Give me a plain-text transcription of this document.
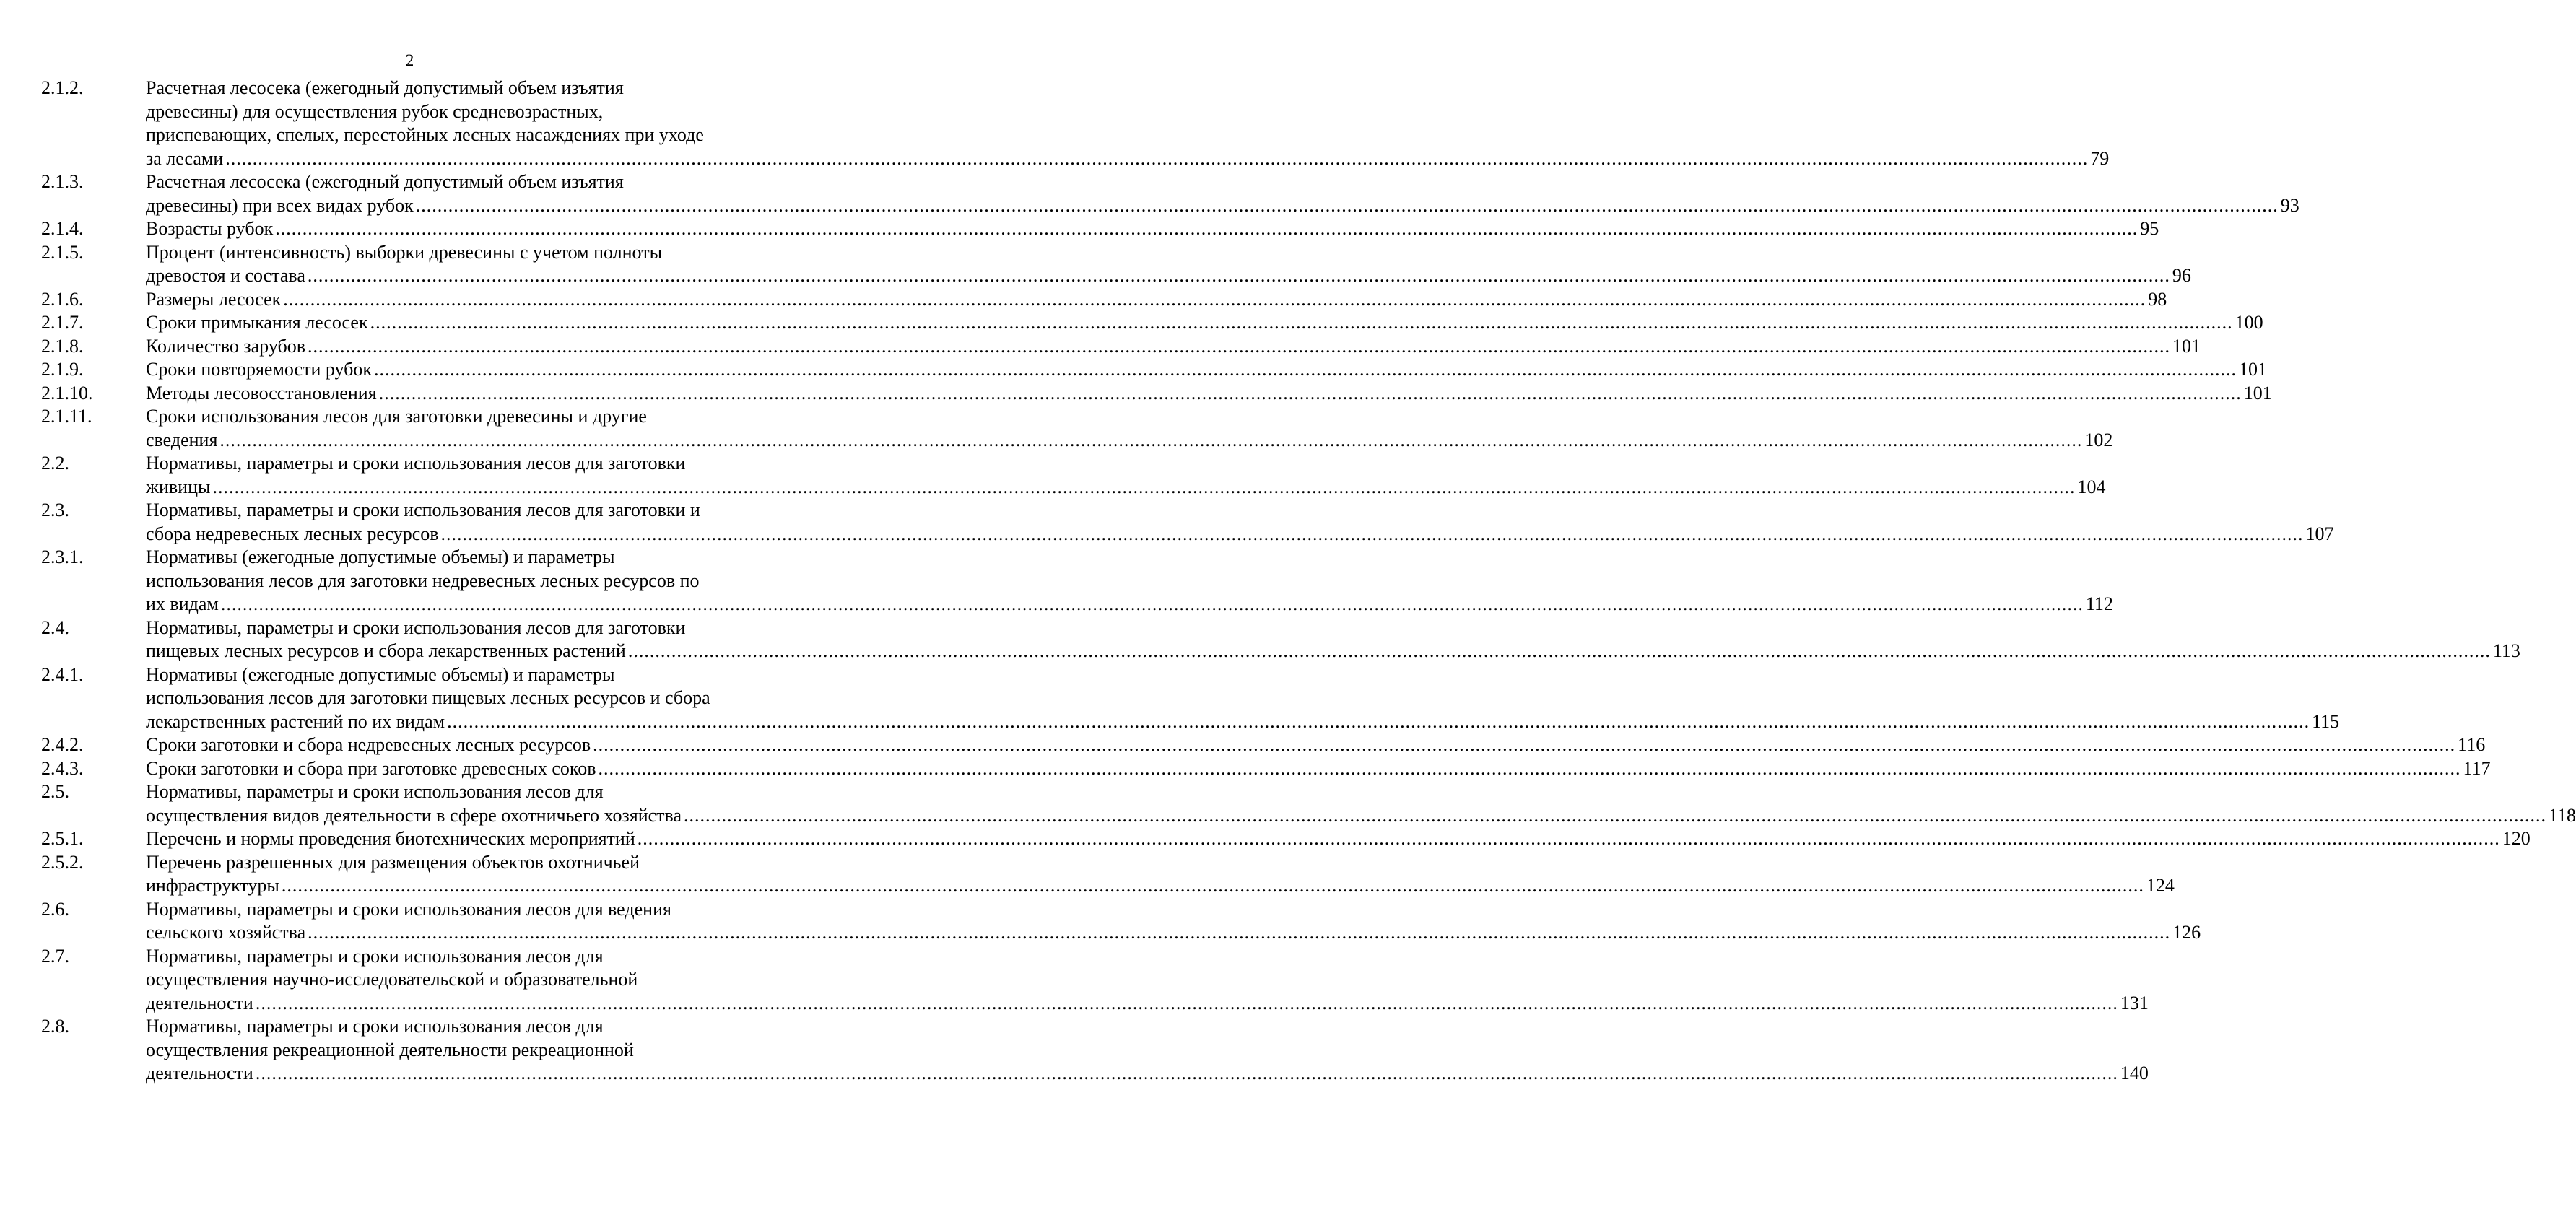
2
2.1.2.	Расчетная лесосека (ежегодный допустимый объем изъятия
древесины) для осуществления рубок средневозрастных,
приспевающих, спелых, перестойных лесных насаждениях при уходе
за лесами .....	79
2.1.3.	Расчетная лесосека (ежегодный допустимый объем изъятия
древесины) при всех видах рубок .....	93
2.1.4.	Возрасты рубок .....	95
2.1.5.	Процент (интенсивность) выборки древесины с учетом полноты
древостоя и состава .....	96
2.1.6.	Размеры лесосек .....	98
2.1.7.	Сроки примыкания лесосек .....	100
2.1.8.	Количество зарубов .....	101
2.1.9.	Сроки повторяемости рубок .....	101
2.1.10.	Методы лесовосстановления .....	101
2.1.11.	Сроки использования лесов для заготовки древесины и другие
сведения .....	102
2.2.	Нормативы, параметры и сроки использования лесов для заготовки
живицы .....	104
2.3.	Нормативы, параметры и сроки использования лесов для заготовки и
сбора недревесных лесных ресурсов .....	107
2.3.1.	Нормативы (ежегодные допустимые объемы) и параметры
использования лесов для заготовки недревесных лесных ресурсов по
их видам .....	112
2.4.	Нормативы, параметры и сроки использования лесов для заготовки
пищевых лесных ресурсов и сбора лекарственных растений .....	113
2.4.1.	Нормативы (ежегодные допустимые объемы) и параметры
использования лесов для заготовки пищевых лесных ресурсов и сбора
лекарственных растений по их видам .....	115
2.4.2.	Сроки заготовки и сбора недревесных лесных ресурсов .....	116
2.4.3.	Сроки заготовки и сбора при заготовке древесных соков .....	117
2.5.	Нормативы, параметры и сроки использования лесов для
осуществления видов деятельности в сфере охотничьего хозяйства .....	118
2.5.1.	Перечень и нормы проведения биотехнических мероприятий .....	120
2.5.2.	Перечень разрешенных для размещения объектов охотничьей
инфраструктуры .....	124
2.6.	Нормативы, параметры и сроки использования лесов для ведения
сельского хозяйства .....	126
2.7.	Нормативы, параметры и сроки использования лесов для
осуществления научно-исследовательской и образовательной
деятельности .....	131
2.8.	Нормативы, параметры и сроки использования лесов для
осуществления рекреационной деятельности рекреационной
деятельности .....	140
